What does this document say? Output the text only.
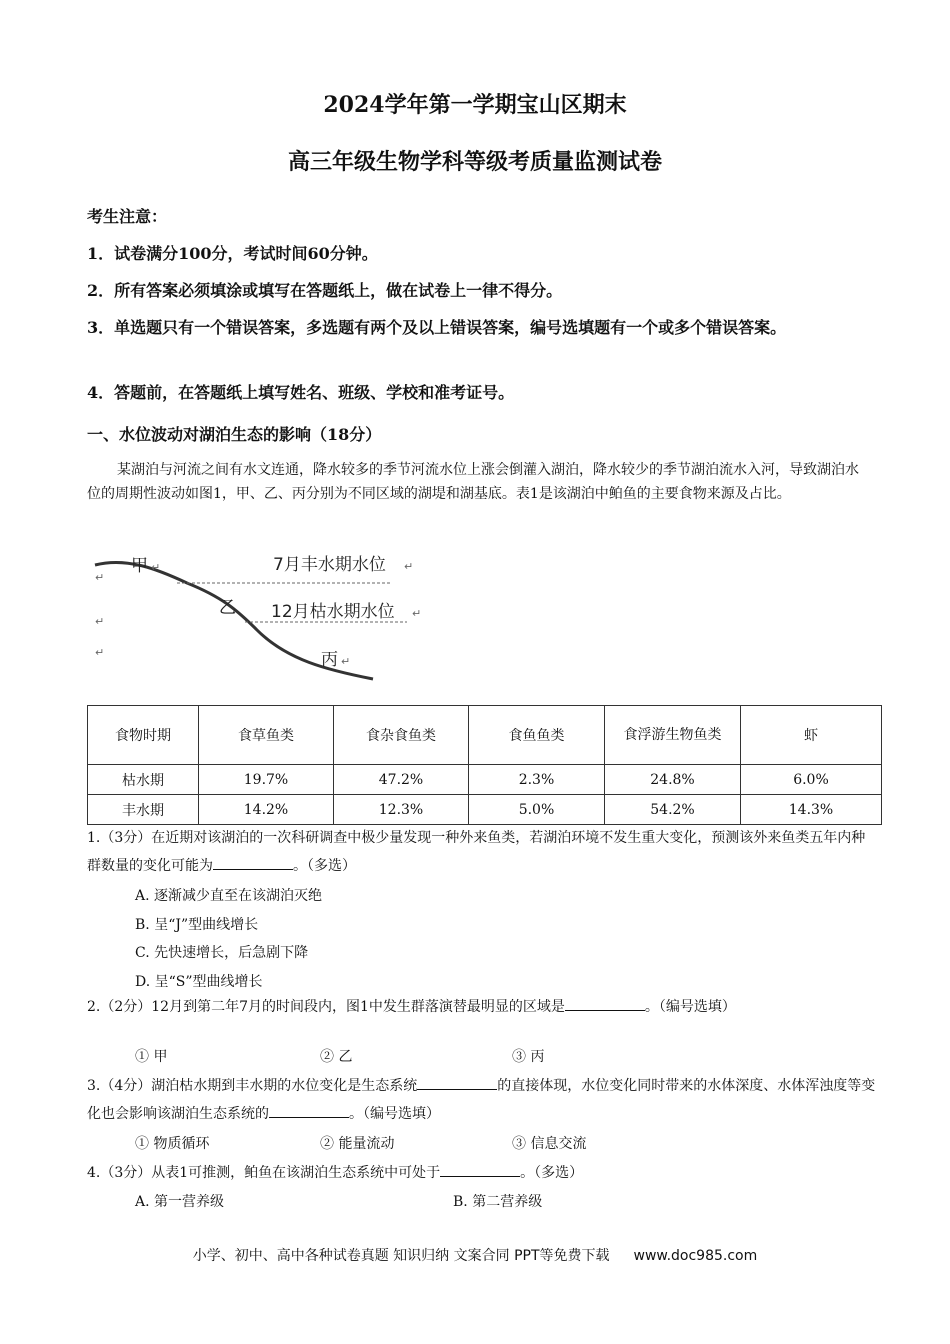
2024学年第一学期宝山区期末
高三年级生物学科等级考质量监测试卷
考生注意：
1．试卷满分100分，考试时间60分钟。
2．所有答案必须填涂或填写在答题纸上，做在试卷上一律不得分。
3．单选题只有一个错误答案，多选题有两个及以上错误答案，编号选填题有一个或多个错误答案。
4．答题前，在答题纸上填写姓名、班级、学校和准考证号。
一、水位波动对湖泊生态的影响（18分）
某湖泊与河流之间有水文连通，降水较多的季节河流水位上涨会倒灌入湖泊，降水较少的季节湖泊流水入河，导致湖泊水位的周期性波动如图1，甲、乙、丙分别为不同区域的湖堤和湖基底。表1是该湖泊中鲌鱼的主要食物来源及占比。
甲 ↵	7月丰水期水位 ↵
乙 12月枯水期水位 ↵
丙 ↵
↵
↵
↵
食物时期	食草鱼类	食杂食鱼类	食鱼鱼类	食浮游生物鱼类	虾
枯水期	19.7%	47.2%	2.3%	24.8%	6.0%
丰水期	14.2%	12.3%	5.0%	54.2%	14.3%
1.（3分）在近期对该湖泊的一次科研调查中极少量发现一种外来鱼类，若湖泊环境不发生重大变化，预测该外来鱼类五年内种群数量的变化可能为	。（多选）
A. 逐渐减少直至在该湖泊灭绝
B. 呈“J”型曲线增长
C. 先快速增长，后急剧下降
D. 呈“S”型曲线增长
2.（2分）12月到第二年7月的时间段内，图1中发生群落演替最明显的区域是	。（编号选填）
① 甲	② 乙	③ 丙
3.（4分）湖泊枯水期到丰水期的水位变化是生态系统	的直接体现，水位变化同时带来的水体深度、水体浑浊度等变化也会影响该湖泊生态系统的	。（编号选填）
① 物质循环	② 能量流动	③ 信息交流
4.（3分）从表1可推测，鲌鱼在该湖泊生态系统中可处于	。（多选）
A. 第一营养级	B. 第二营养级
小学、初中、高中各种试卷真题 知识归纳 文案合同 PPT等免费下载 www.doc985.com
